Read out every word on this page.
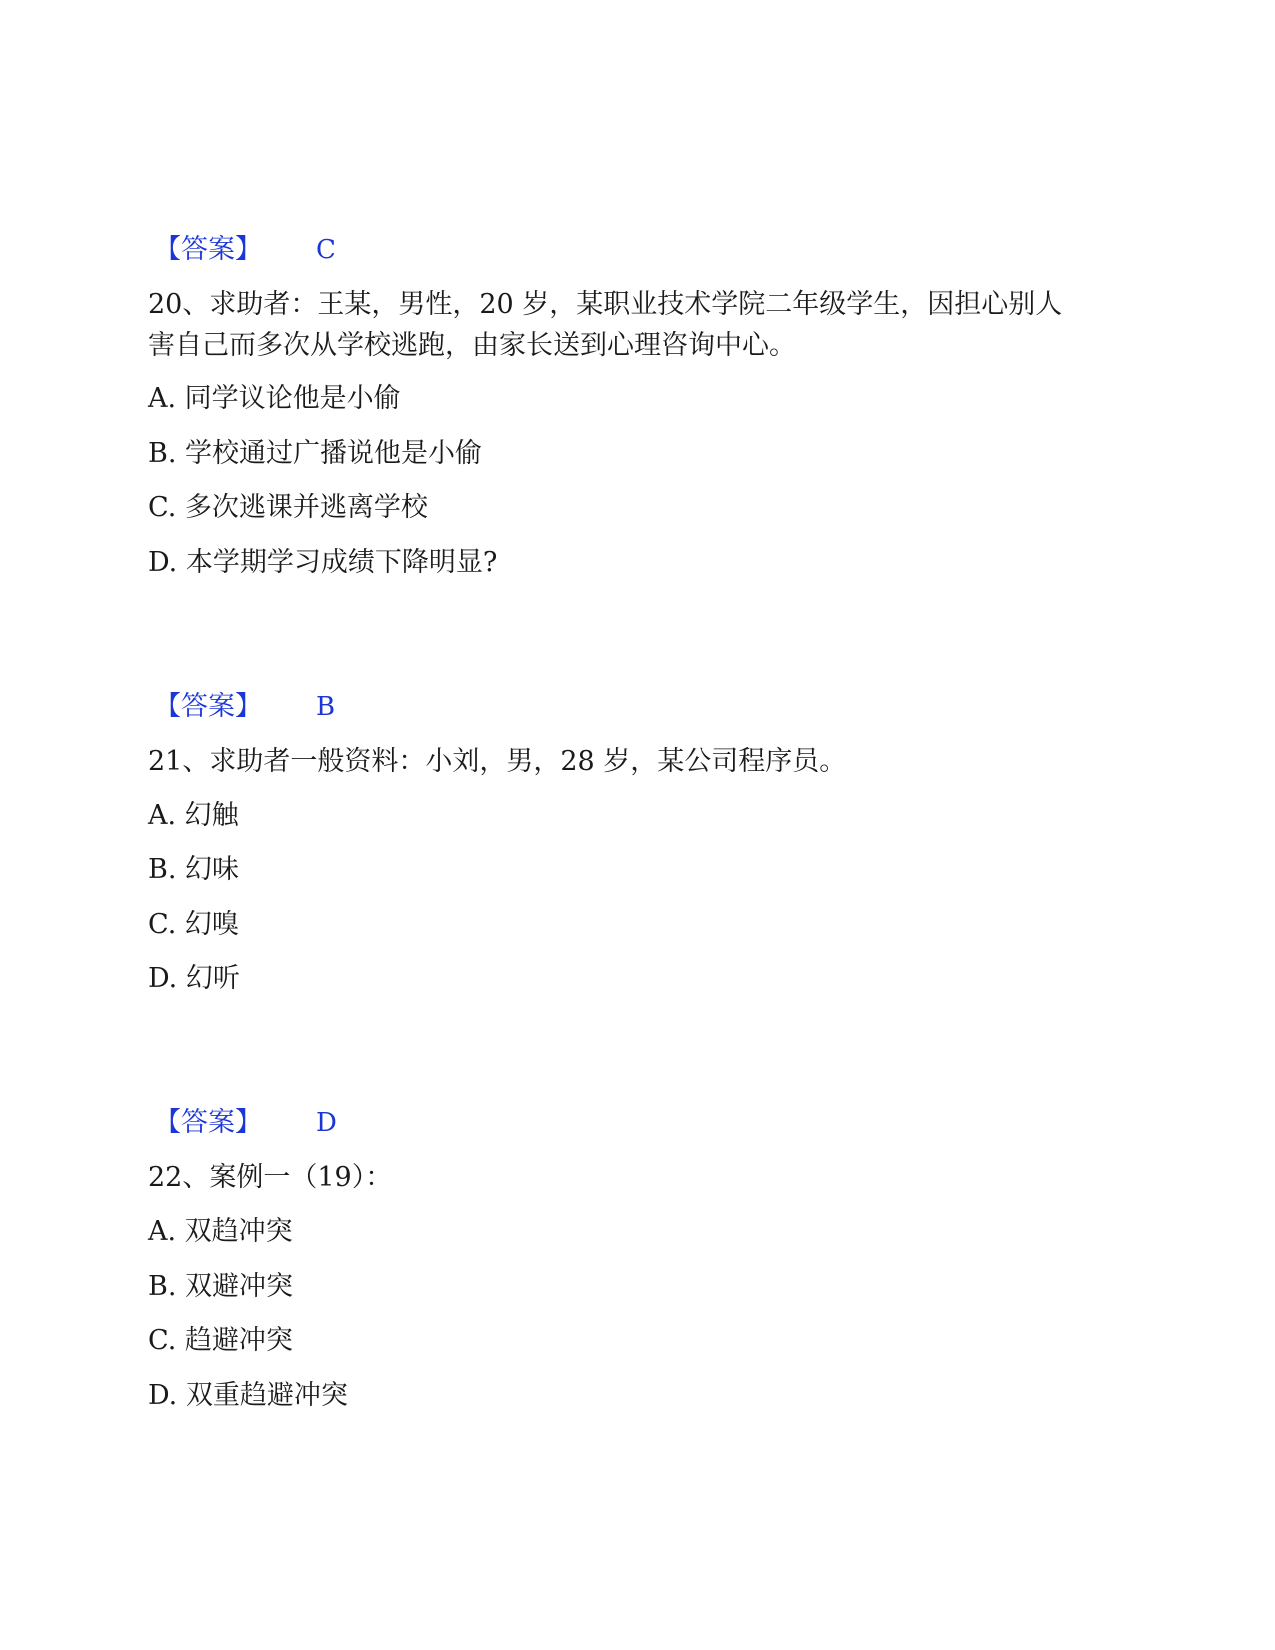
【答案】 C
20、求助者：王某，男性，20 岁，某职业技术学院二年级学生，因担心别人
害自己而多次从学校逃跑，由家长送到心理咨询中心。
A. 同学议论他是小偷
B. 学校通过广播说他是小偷
C. 多次逃课并逃离学校
D. 本学期学习成绩下降明显?
【答案】 B
21、求助者一般资料：小刘，男，28 岁，某公司程序员。
A. 幻触
B. 幻味
C. 幻嗅
D. 幻听
【答案】 D
22、案例一（19）：
A. 双趋冲突
B. 双避冲突
C. 趋避冲突
D. 双重趋避冲突
